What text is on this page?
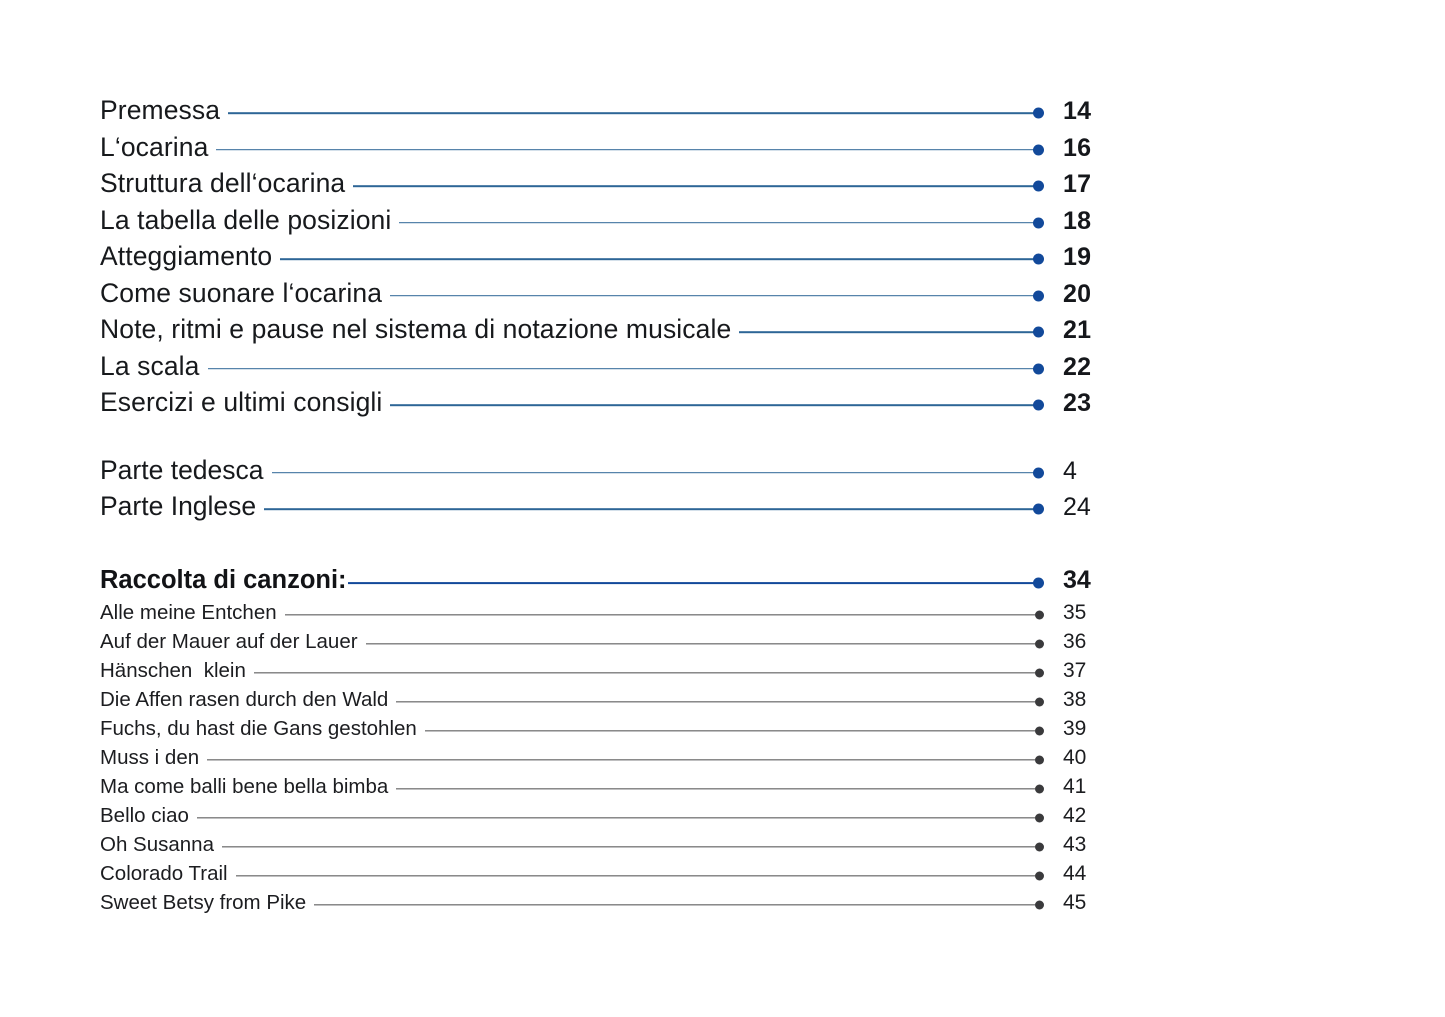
Premessa	14
L‘ocarina	16
Struttura dell‘ocarina	17
La tabella delle posizioni	18
Atteggiamento	19
Come suonare l‘ocarina	20
Note, ritmi e pause nel sistema di notazione musicale	21
La scala	22
Esercizi e ultimi consigli	23
Parte tedesca	4
Parte Inglese	24
Raccolta di canzoni:	34
Alle meine Entchen	35
Auf der Mauer auf der Lauer	36
Hänschen  klein	37
Die Affen rasen durch den Wald	38
Fuchs, du hast die Gans gestohlen	39
Muss i den	40
Ma come balli bene bella bimba	41
Bello ciao	42
Oh Susanna	43
Colorado Trail	44
Sweet Betsy from Pike	45
